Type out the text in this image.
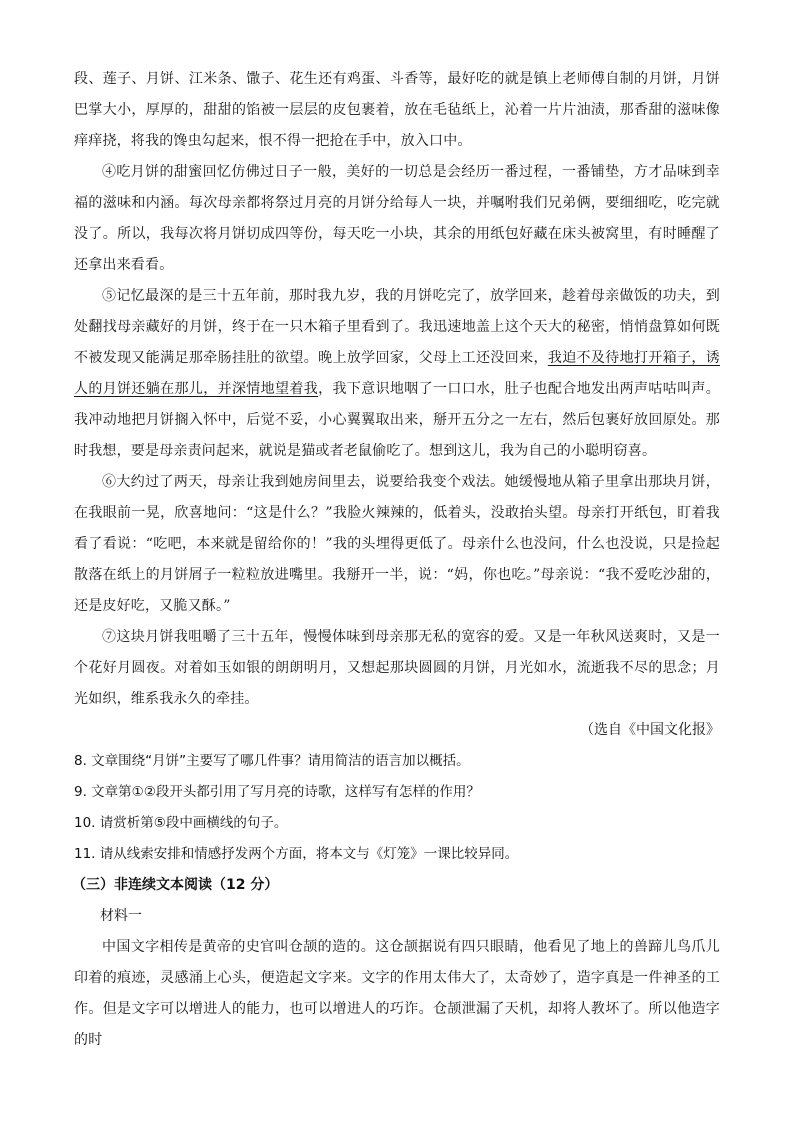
段、莲子、月饼、江米条、馓子、花生还有鸡蛋、斗香等，最好吃的就是镇上老师傅自制的月饼，月饼巴掌大小，厚厚的，甜甜的馅被一层层的皮包裹着，放在毛毡纸上，沁着一片片油渍，那香甜的滋味像痒痒挠，将我的馋虫勾起来，恨不得一把抢在手中，放入口中。

④吃月饼的甜蜜回忆仿佛过日子一般，美好的一切总是会经历一番过程，一番铺垫，方才品味到幸福的滋味和内涵。每次母亲都将祭过月亮的月饼分给每人一块，并嘱咐我们兄弟俩，要细细吃，吃完就没了。所以，我每次将月饼切成四等份，每天吃一小块，其余的用纸包好藏在床头被窝里，有时睡醒了还拿出来看看。

⑤记忆最深的是三十五年前，那时我九岁，我的月饼吃完了，放学回来，趁着母亲做饭的功夫，到处翻找母亲藏好的月饼，终于在一只木箱子里看到了。我迅速地盖上这个天大的秘密，悄悄盘算如何既不被发现又能满足那牵肠挂肚的欲望。晚上放学回家，父母上工还没回来，我迫不及待地打开箱子，诱人的月饼还躺在那儿，并深情地望着我，我下意识地咽了一口口水，肚子也配合地发出两声咕咕叫声。我冲动地把月饼搁入怀中，后觉不妥，小心翼翼取出来，掰开五分之一左右，然后包裹好放回原处。那时我想，要是母亲责问起来，就说是猫或者老鼠偷吃了。想到这儿，我为自己的小聪明窃喜。

⑥大约过了两天，母亲让我到她房间里去，说要给我变个戏法。她缓慢地从箱子里拿出那块月饼，在我眼前一晃，欣喜地问：“这是什么？”我脸火辣辣的，低着头，没敢抬头望。母亲打开纸包，盯着我看了看说：“吃吧，本来就是留给你的！”我的头埋得更低了。母亲什么也没问，什么也没说，只是捡起散落在纸上的月饼屑子一粒粒放进嘴里。我掰开一半，说：“妈，你也吃。”母亲说：“我不爱吃沙甜的，还是皮好吃，又脆又酥。”

⑦这块月饼我咀嚼了三十五年，慢慢体味到母亲那无私的宽容的爱。又是一年秋风送爽时，又是一个花好月圆夜。对着如玉如银的朗朗明月，又想起那块圆圆的月饼，月光如水，流逝我不尽的思念；月光如织，维系我永久的牵挂。

（选自《中国文化报》

8. 文章围绕“月饼”主要写了哪几件事？请用简洁的语言加以概括。

9. 文章第①②段开头都引用了写月亮的诗歌，这样写有怎样的作用？

10. 请赏析第⑤段中画横线的句子。

11. 请从线索安排和情感抒发两个方面，将本文与《灯笼》一课比较异同。

（三）非连续文本阅读（12 分）

材料一

中国文字相传是黄帝的史官叫仓颉的造的。这仓颉据说有四只眼睛，他看见了地上的兽蹄儿鸟爪儿印着的痕迹，灵感涌上心头，便造起文字来。文字的作用太伟大了，太奇妙了，造字真是一件神圣的工作。但是文字可以增进人的能力，也可以增进人的巧诈。仓颉泄漏了天机，却将人教坏了。所以他造字的时
